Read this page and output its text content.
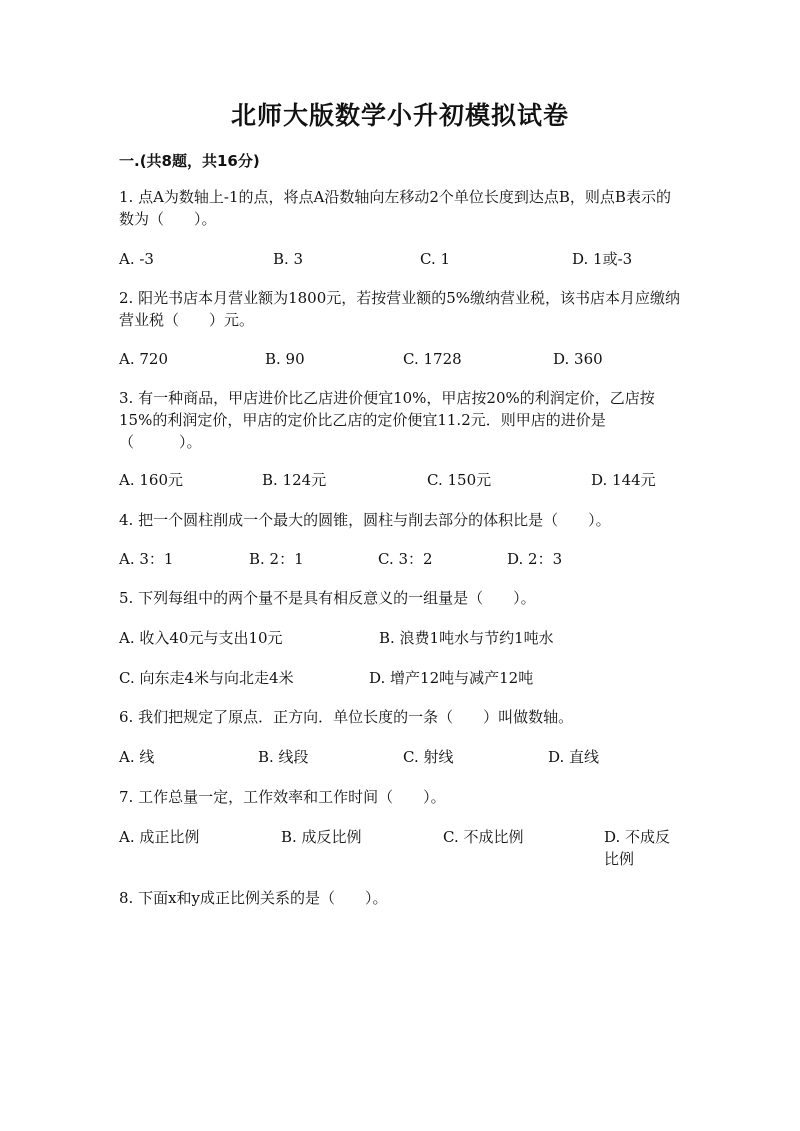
北师大版数学小升初模拟试卷
一.(共8题，共16分)
1. 点A为数轴上-1的点，将点A沿数轴向左移动2个单位长度到达点B，则点B表示的数为（　　）。
A. -3	B. 3	C. 1	D. 1或-3
2. 阳光书店本月营业额为1800元，若按营业额的5%缴纳营业税，该书店本月应缴纳营业税（　　）元。
A. 720	B. 90	C. 1728	D. 360
3. 有一种商品，甲店进价比乙店进价便宜10%，甲店按20%的利润定价，乙店按15%的利润定价，甲店的定价比乙店的定价便宜11.2元．则甲店的进价是（　　　）。
A. 160元	B. 124元	C. 150元	D. 144元
4. 把一个圆柱削成一个最大的圆锥，圆柱与削去部分的体积比是（　　）。
A. 3：1	B. 2：1	C. 3：2	D. 2：3
5. 下列每组中的两个量不是具有相反意义的一组量是（　　）。
A. 收入40元与支出10元	B. 浪费1吨水与节约1吨水
C. 向东走4米与向北走4米	D. 增产12吨与减产12吨
6. 我们把规定了原点．正方向．单位长度的一条（　　）叫做数轴。
A. 线	B. 线段	C. 射线	D. 直线
7. 工作总量一定，工作效率和工作时间（　　）。
A. 成正比例	B. 成反比例	C. 不成比例	D. 不成反比例
8. 下面x和y成正比例关系的是（　　）。
